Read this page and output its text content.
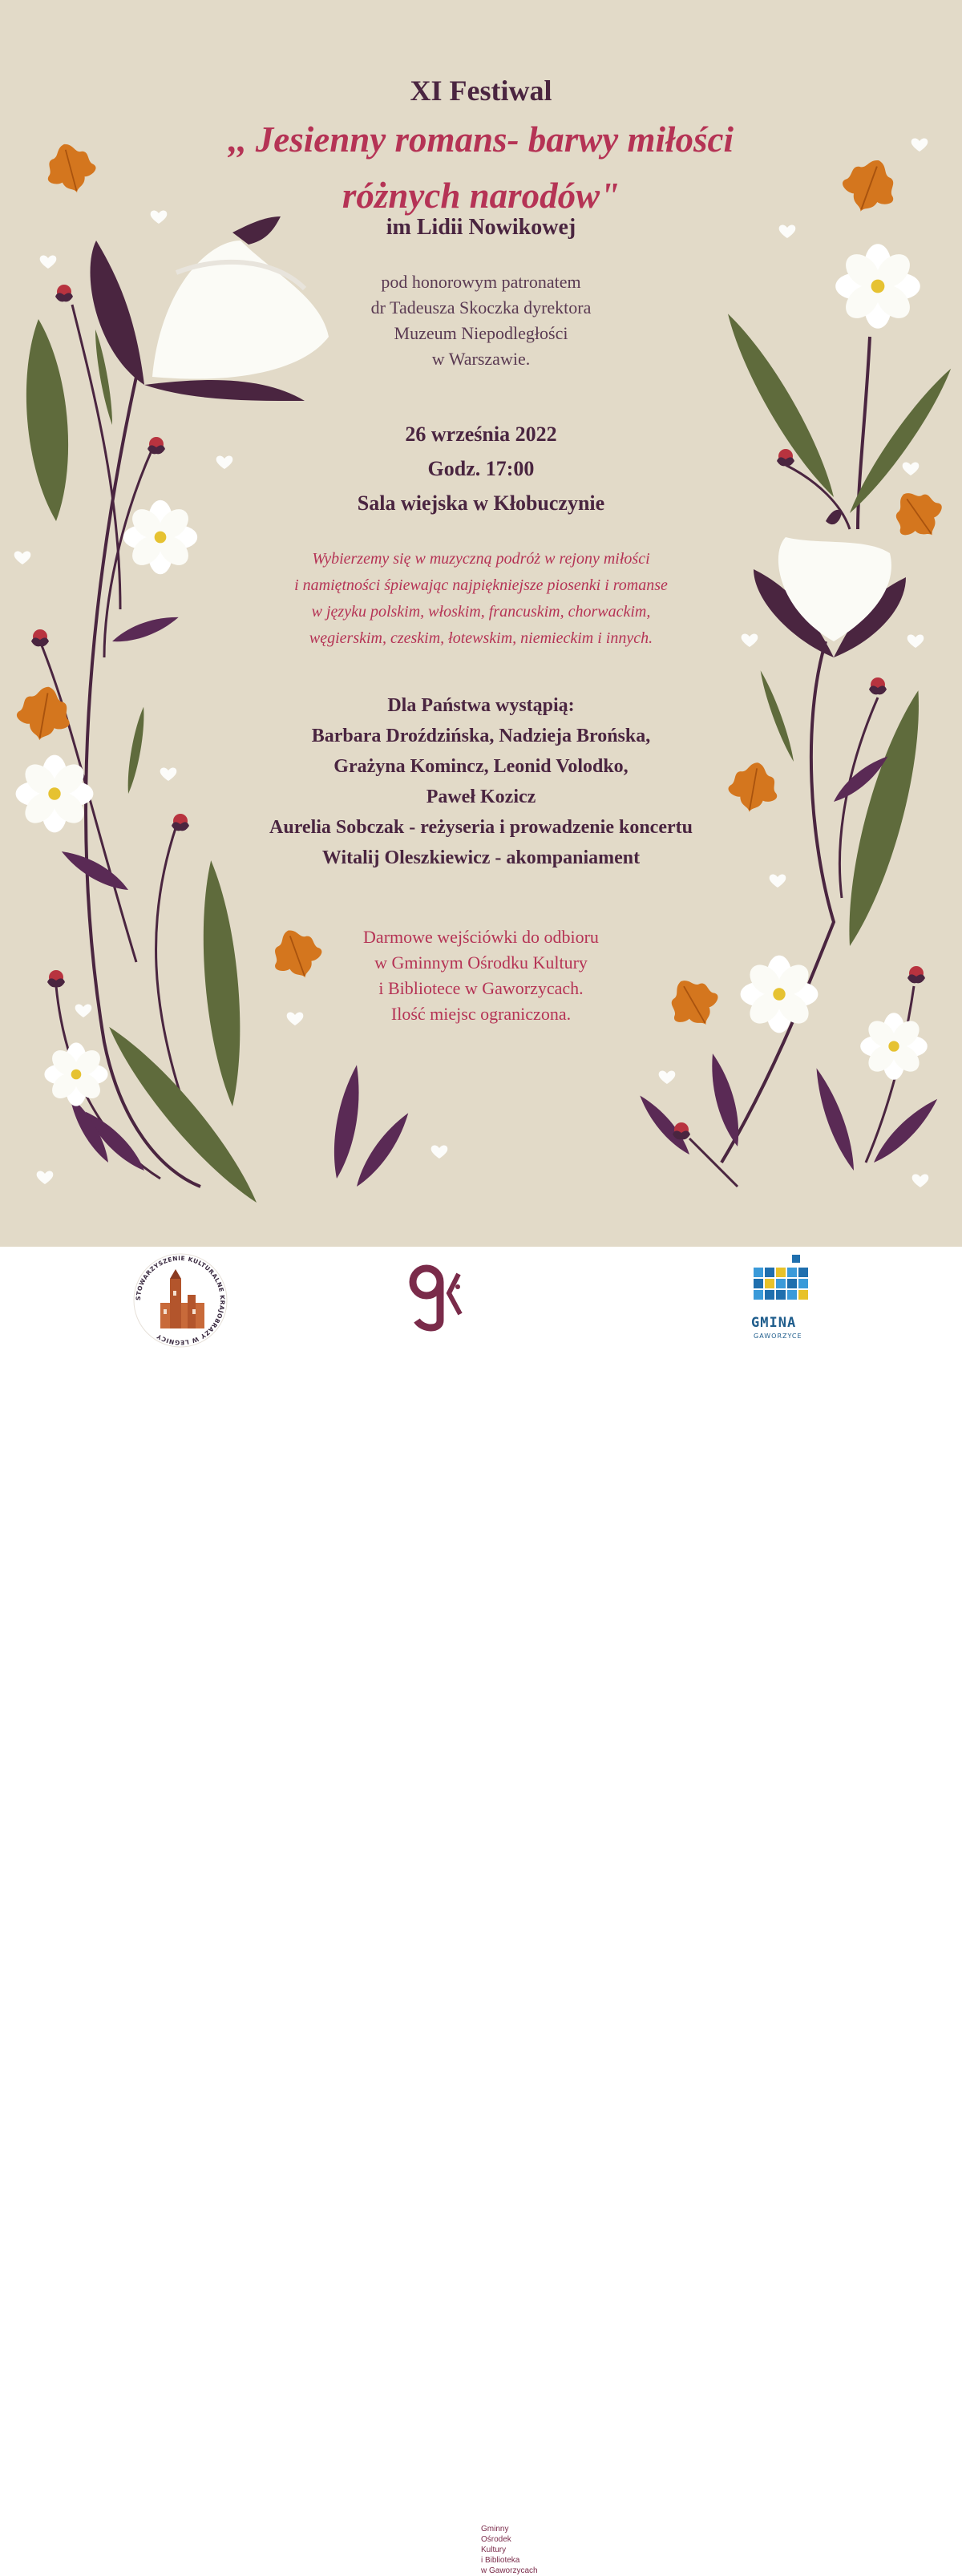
XI Festiwal
,, Jesienny romans- barwy miłości
różnych narodów"
im Lidii Nowikowej
pod honorowym patronatem
dr Tadeusza Skoczka dyrektora
Muzeum Niepodległości
w Warszawie.
26 września 2022
Godz. 17:00
Sala wiejska w Kłobuczynie
Wybierzemy się w muzyczną podróż w rejony miłości
i namiętności śpiewając najpiękniejsze piosenki i romanse
w języku polskim, włoskim, francuskim, chorwackim,
węgierskim, czeskim, łotewskim, niemieckim i innych.
Dla Państwa wystąpią:
Barbara Droździńska, Nadzieja Brońska,
Grażyna Komincz, Leonid Volodko,
Paweł Kozicz
Aurelia Sobczak - reżyseria i prowadzenie koncertu
Witalij Oleszkiewicz - akompaniament
Darmowe wejściówki do odbioru
w Gminnym Ośrodku Kultury
i Bibliotece w Gaworzycach.
Ilość miejsc ograniczona.
STOWARZYSZENIE KULTURALNE KRAJOBRAZY W LEGNICY
Gminny
Ośrodek
Kultury
i Biblioteka
w Gaworzycach
GMINA
GAWORZYCE
